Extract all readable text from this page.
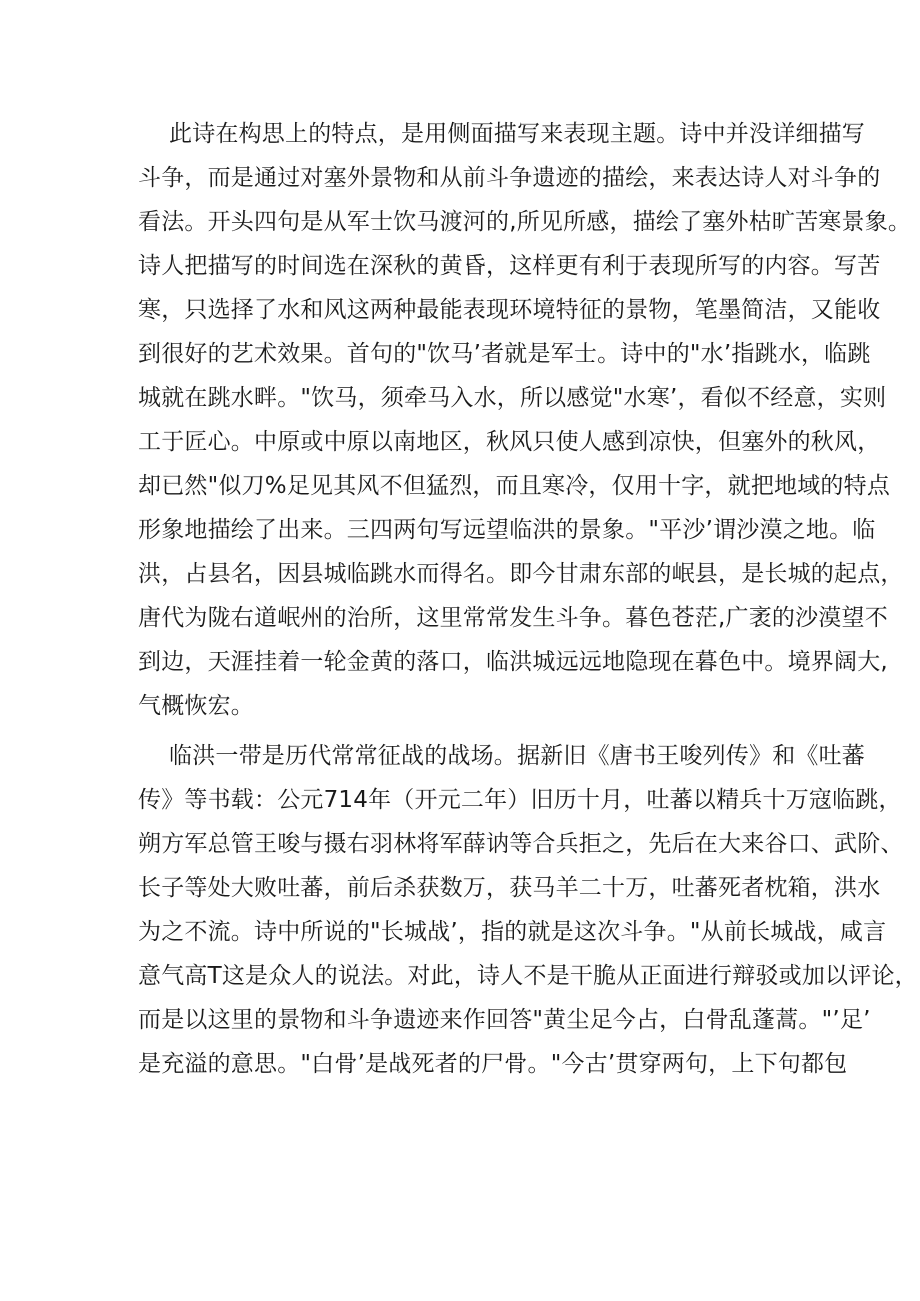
此诗在构思上的特点，是用侧面描写来表现主题。诗中并没详细描写
斗争，而是通过对塞外景物和从前斗争遗迹的描绘，来表达诗人对斗争的
看法。开头四句是从军士饮马渡河的,所见所感，描绘了塞外枯旷苦寒景象。
诗人把描写的时间选在深秋的黄昏，这样更有利于表现所写的内容。写苦
寒，只选择了水和风这两种最能表现环境特征的景物，笔墨简洁，又能收
到很好的艺术效果。首句的"饮马’者就是军士。诗中的"水’指跳水，临跳
城就在跳水畔。"饮马，须牵马入水，所以感觉"水寒’，看似不经意，实则
工于匠心。中原或中原以南地区，秋风只使人感到凉快，但塞外的秋风，
却已然"似刀%足见其风不但猛烈，而且寒冷，仅用十字，就把地域的特点
形象地描绘了出来。三四两句写远望临洪的景象。"平沙’谓沙漠之地。临
洪，占县名，因县城临跳水而得名。即今甘肃东部的岷县，是长城的起点，
唐代为陇右道岷州的治所，这里常常发生斗争。暮色苍茫,广袤的沙漠望不
到边，天涯挂着一轮金黄的落口，临洪城远远地隐现在暮色中。境界阔大,
气概恢宏。
临洪一带是历代常常征战的战场。据新旧《唐书王唆列传》和《吐蕃
传》等书载：公元714年（开元二年）旧历十月，吐蕃以精兵十万寇临跳，
朔方军总管王唆与摄右羽林将军薛讷等合兵拒之，先后在大来谷口、武阶、
长子等处大败吐蕃，前后杀获数万，获马羊二十万，吐蕃死者枕箱，洪水
为之不流。诗中所说的"长城战’，指的就是这次斗争。"从前长城战，咸言
意气高T这是众人的说法。对此，诗人不是干脆从正面进行辩驳或加以评论，
而是以这里的景物和斗争遗迹来作回答"黄尘足今占，白骨乱蓬蒿。"’足’
是充溢的意思。"白骨’是战死者的尸骨。"今古’贯穿两句，上下句都包
